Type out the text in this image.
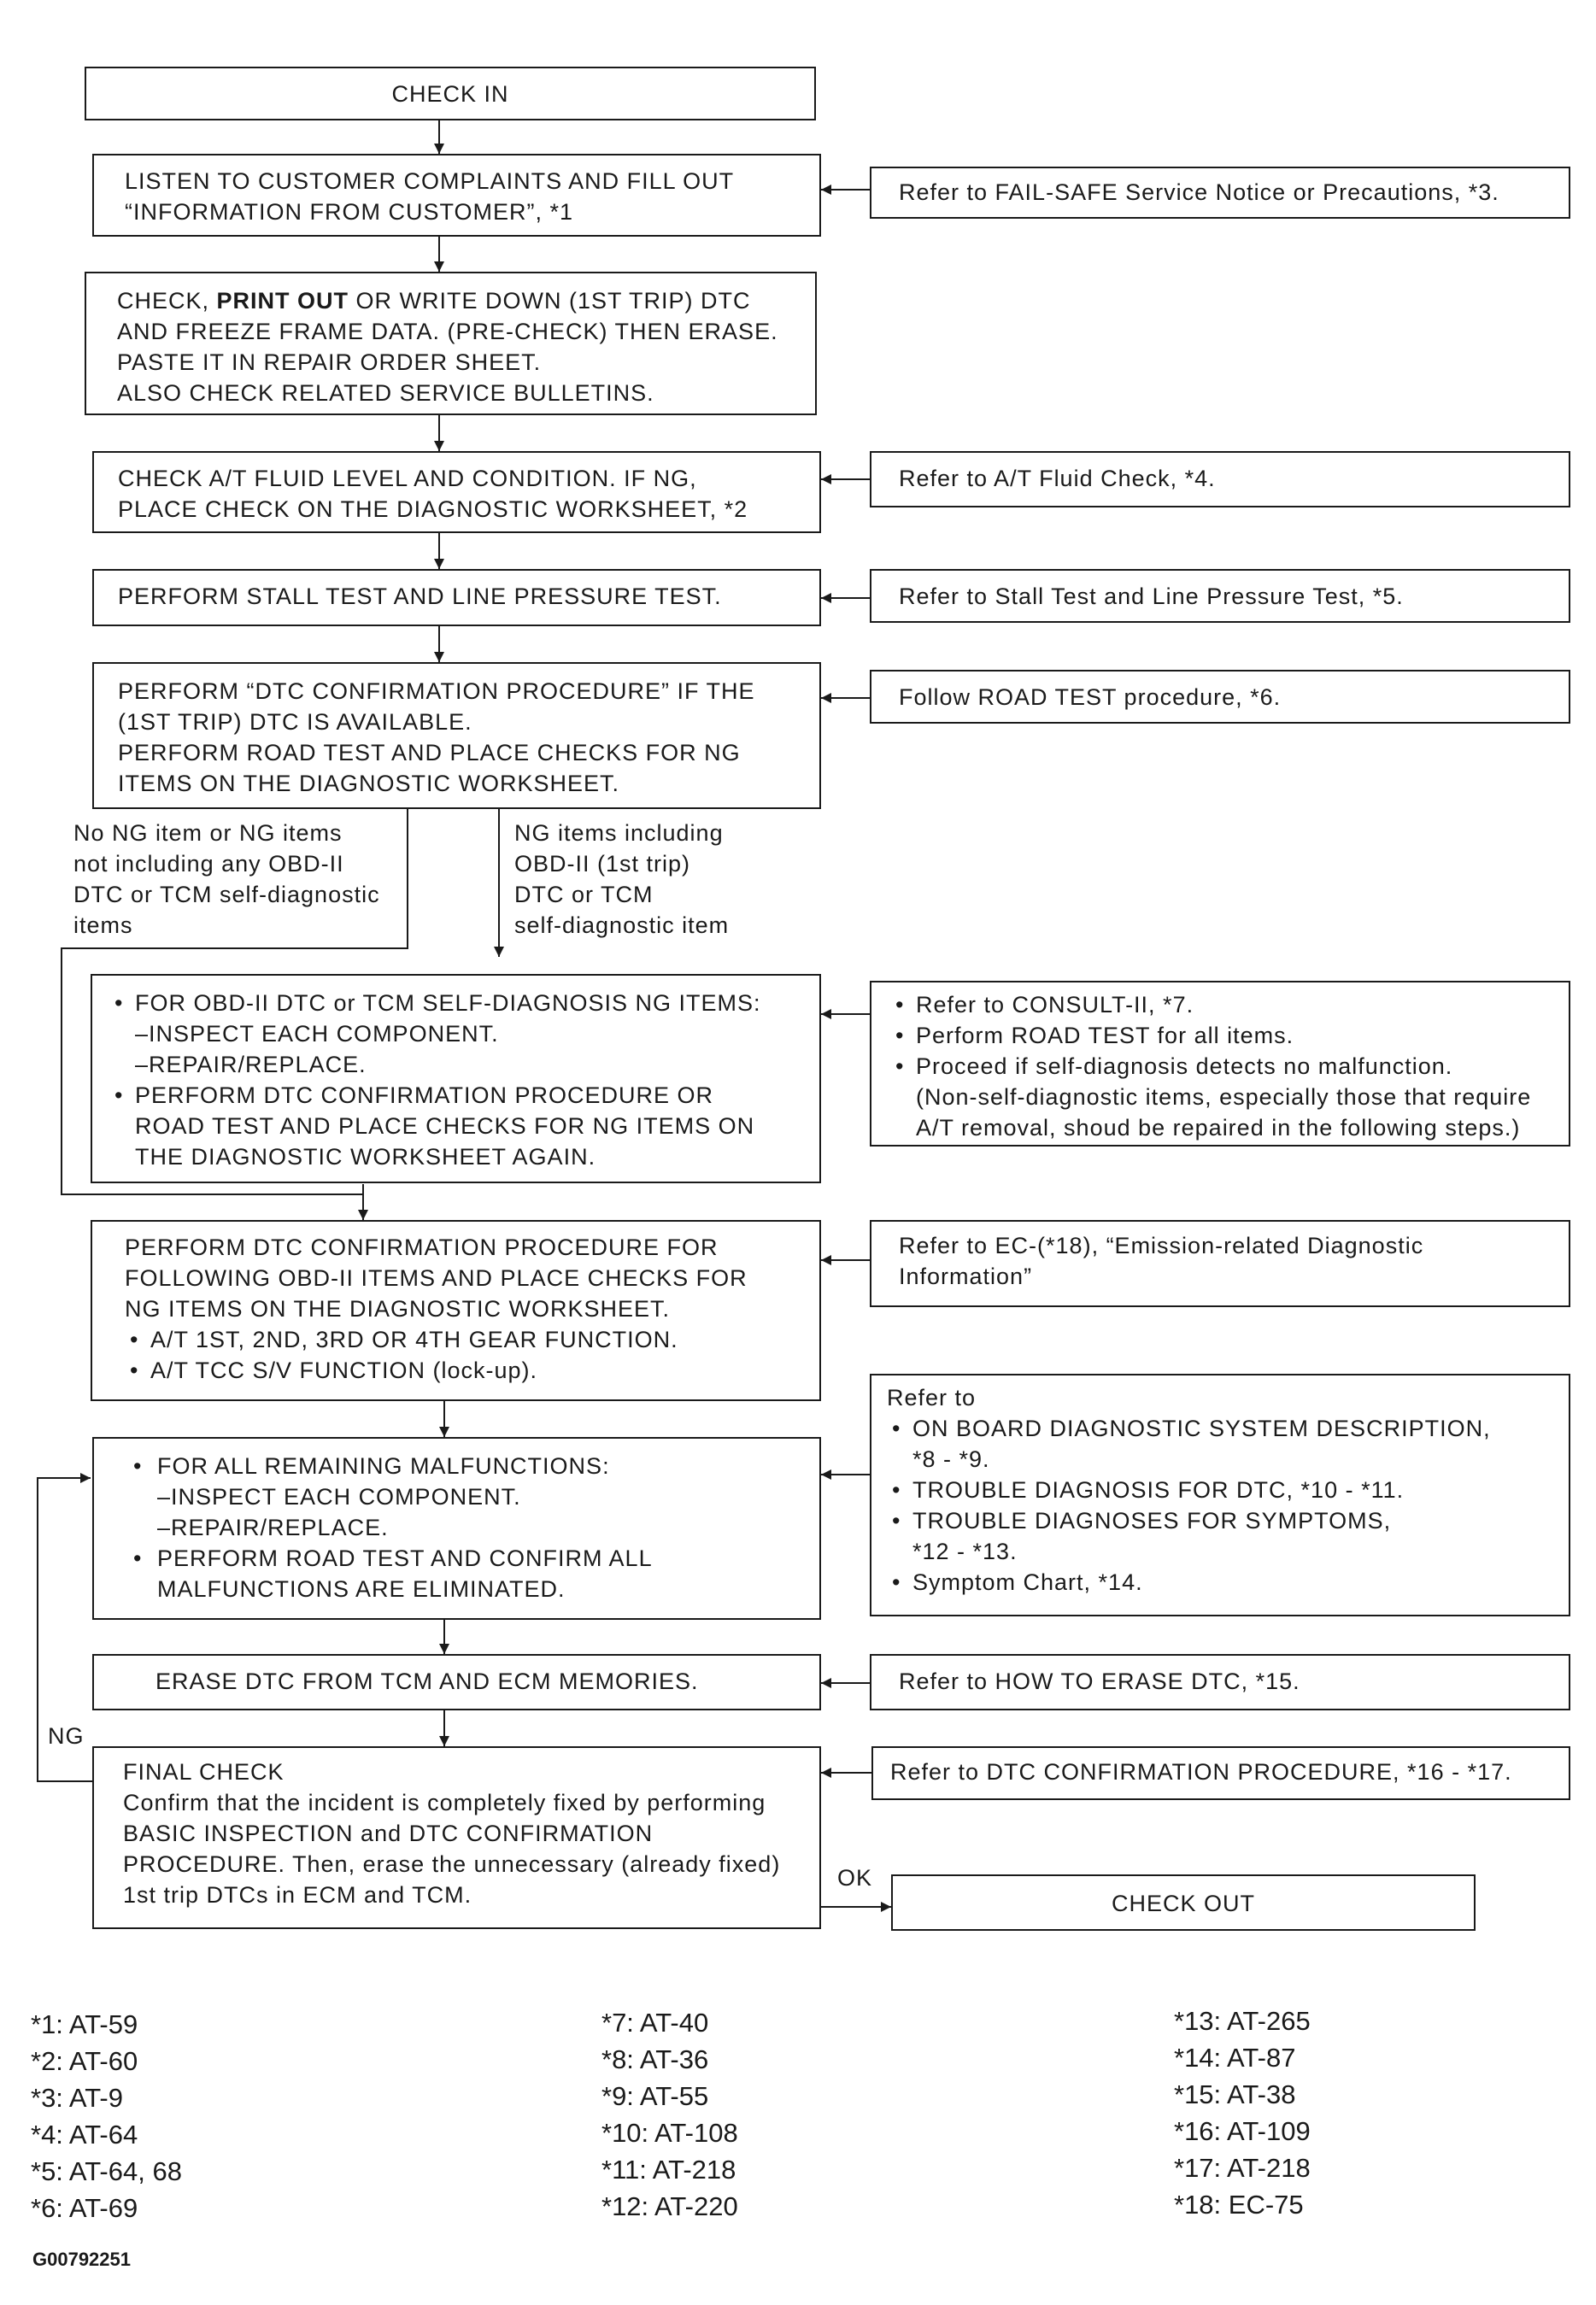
CHECK IN
LISTEN TO CUSTOMER COMPLAINTS AND FILL OUT
“INFORMATION FROM CUSTOMER”, *1
CHECK, PRINT OUT OR WRITE DOWN (1ST TRIP) DTC
AND FREEZE FRAME DATA. (PRE-CHECK) THEN ERASE.
PASTE IT IN REPAIR ORDER SHEET.
ALSO CHECK RELATED SERVICE BULLETINS.
CHECK A/T FLUID LEVEL AND CONDITION. IF NG,
PLACE CHECK ON THE DIAGNOSTIC WORKSHEET, *2
PERFORM STALL TEST AND LINE PRESSURE TEST.
PERFORM “DTC CONFIRMATION PROCEDURE” IF THE
(1ST TRIP) DTC IS AVAILABLE.
PERFORM ROAD TEST AND PLACE CHECKS FOR NG
ITEMS ON THE DIAGNOSTIC WORKSHEET.
No NG item or NG items
not including any OBD-II
DTC or TCM self-diagnostic
items
NG items including
OBD-II (1st trip)
DTC or TCM
self-diagnostic item
• FOR OBD-II DTC or TCM SELF-DIAGNOSIS NG ITEMS:
–INSPECT EACH COMPONENT.
–REPAIR/REPLACE.
• PERFORM DTC CONFIRMATION PROCEDURE OR
ROAD TEST AND PLACE CHECKS FOR NG ITEMS ON
THE DIAGNOSTIC WORKSHEET AGAIN.
PERFORM DTC CONFIRMATION PROCEDURE FOR
FOLLOWING OBD-II ITEMS AND PLACE CHECKS FOR
NG ITEMS ON THE DIAGNOSTIC WORKSHEET.
• A/T 1ST, 2ND, 3RD OR 4TH GEAR FUNCTION.
• A/T TCC S/V FUNCTION (lock-up).
• FOR ALL REMAINING MALFUNCTIONS:
–INSPECT EACH COMPONENT.
–REPAIR/REPLACE.
• PERFORM ROAD TEST AND CONFIRM ALL
MALFUNCTIONS ARE ELIMINATED.
ERASE DTC FROM TCM AND ECM MEMORIES.
NG
FINAL CHECK
Confirm that the incident is completely fixed by performing
BASIC INSPECTION and DTC CONFIRMATION
PROCEDURE. Then, erase the unnecessary (already fixed)
1st trip DTCs in ECM and TCM.
OK
CHECK OUT
Refer to FAIL-SAFE Service Notice or Precautions, *3.
Refer to A/T Fluid Check, *4.
Refer to Stall Test and Line Pressure Test, *5.
Follow ROAD TEST procedure, *6.
• Refer to CONSULT-II, *7.
• Perform ROAD TEST for all items.
• Proceed if self-diagnosis detects no malfunction.
(Non-self-diagnostic items, especially those that require
A/T removal, shoud be repaired in the following steps.)
Refer to EC-(*18), “Emission-related Diagnostic
Information”
Refer to
• ON BOARD DIAGNOSTIC SYSTEM DESCRIPTION,
*8 - *9.
• TROUBLE DIAGNOSIS FOR DTC, *10 - *11.
• TROUBLE DIAGNOSES FOR SYMPTOMS,
*12 - *13.
• Symptom Chart, *14.
Refer to HOW TO ERASE DTC, *15.
Refer to DTC CONFIRMATION PROCEDURE, *16 - *17.
*1: AT-59
*2: AT-60
*3: AT-9
*4: AT-64
*5: AT-64, 68
*6: AT-69
*7: AT-40
*8: AT-36
*9: AT-55
*10: AT-108
*11: AT-218
*12: AT-220
*13: AT-265
*14: AT-87
*15: AT-38
*16: AT-109
*17: AT-218
*18: EC-75
G00792251
